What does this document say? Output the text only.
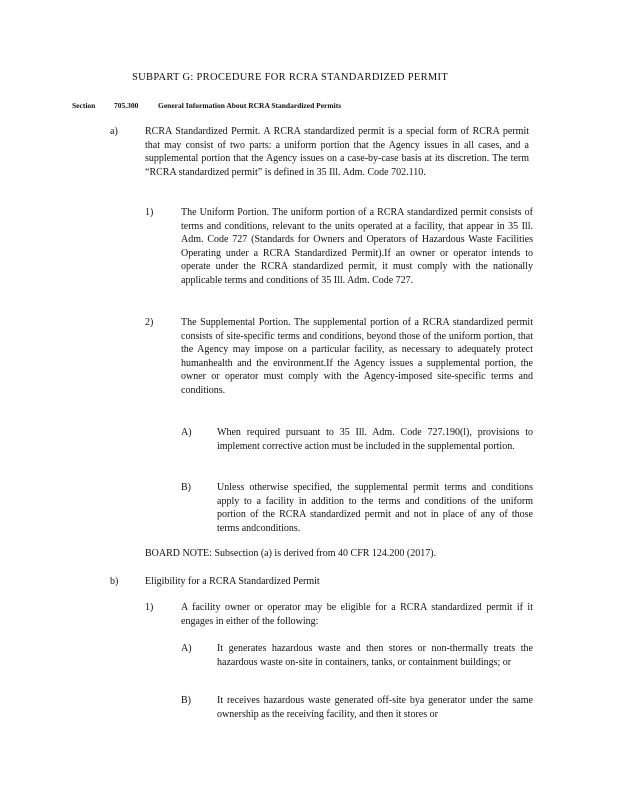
SUBPART G: PROCEDURE FOR RCRA STANDARDIZED PERMIT
Section	705.300	General Information About RCRA Standardized Permits
a)	RCRA Standardized Permit. A RCRA standardized permit is a special form of RCRA permit that may consist of two parts: a uniform portion that the Agency issues in all cases, and a supplemental portion that the Agency issues on a case-by-case basis at its discretion. The term “RCRA standardized permit” is defined in 35 Ill. Adm. Code 702.110.
1)	The Uniform Portion. The uniform portion of a RCRA standardized permit consists of terms and conditions, relevant to the units operated at a facility, that appear in 35 Ill. Adm. Code 727 (Standards for Owners and Operators of Hazardous Waste Facilities Operating under a RCRA Standardized Permit).If an owner or operator intends to operate under the RCRA standardized permit, it must comply with the nationally applicable terms and conditions of 35 Ill. Adm. Code 727.
2)	The Supplemental Portion. The supplemental portion of a RCRA standardized permit consists of site-specific terms and conditions, beyond those of the uniform portion, that the Agency may impose on a particular facility, as necessary to adequately protect humanhealth and the environment.If the Agency issues a supplemental portion, the owner or operator must comply with the Agency-imposed site-specific terms and conditions.
A)	When required pursuant to 35 Ill. Adm. Code 727.190(l), provisions to implement corrective action must be included in the supplemental portion.
B)	Unless otherwise specified, the supplemental permit terms and conditions apply to a facility in addition to the terms and conditions of the uniform portion of the RCRA standardized permit and not in place of any of those terms andconditions.
BOARD NOTE: Subsection (a) is derived from 40 CFR 124.200 (2017).
b)	Eligibility for a RCRA Standardized Permit
1)	A facility owner or operator may be eligible for a RCRA standardized permit if it engages in either of the following:
A)	It generates hazardous waste and then stores or non-thermally treats the hazardous waste on-site in containers, tanks, or containment buildings; or
B)	It receives hazardous waste generated off-site bya generator under the same ownership as the receiving facility, and then it stores or
